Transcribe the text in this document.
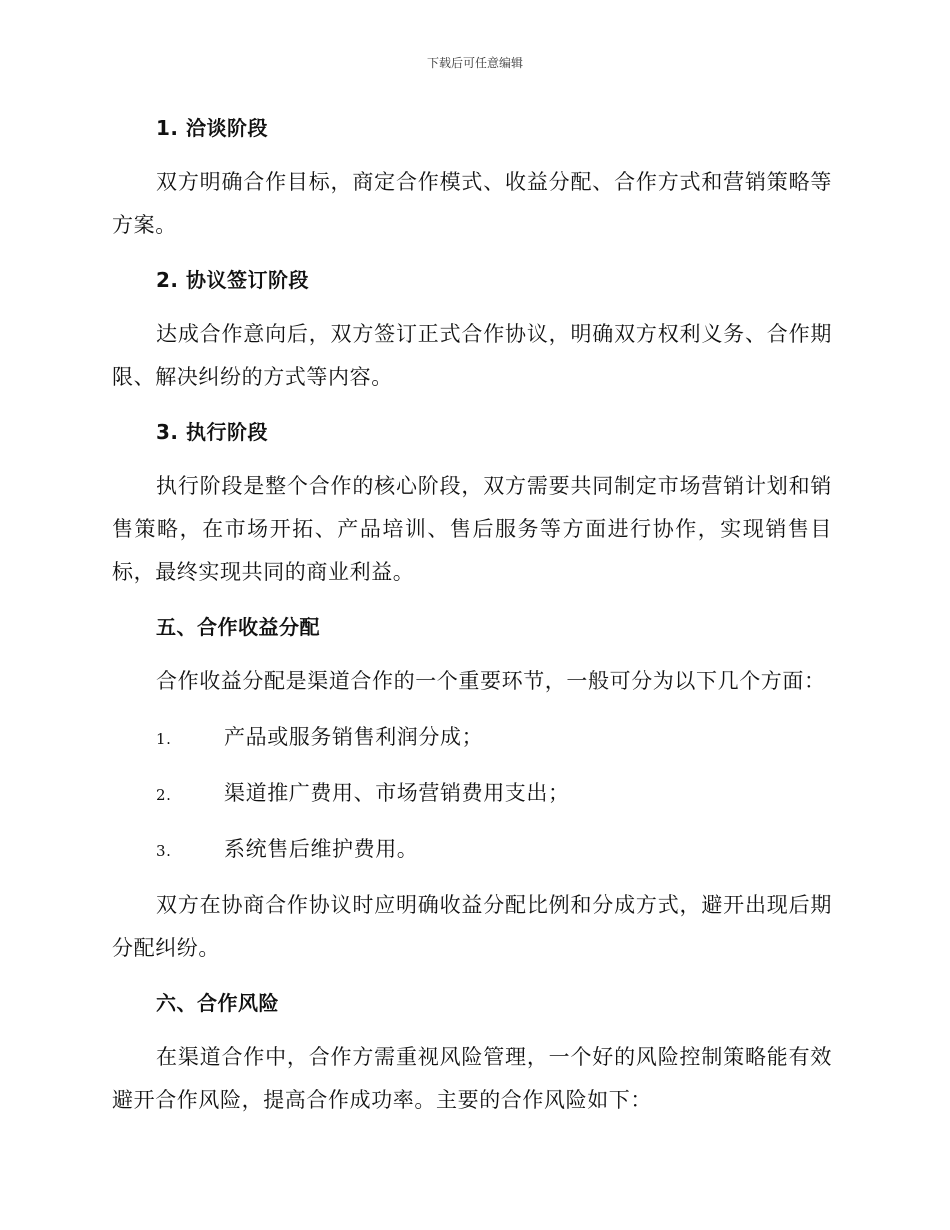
下载后可任意编辑
1. 洽谈阶段

双方明确合作目标，商定合作模式、收益分配、合作方式和营销策略等方案。

2. 协议签订阶段

达成合作意向后，双方签订正式合作协议，明确双方权利义务、合作期限、解决纠纷的方式等内容。

3. 执行阶段

执行阶段是整个合作的核心阶段，双方需要共同制定市场营销计划和销售策略，在市场开拓、产品培训、售后服务等方面进行协作，实现销售目标，最终实现共同的商业利益。

五、合作收益分配

合作收益分配是渠道合作的一个重要环节，一般可分为以下几个方面：

1.	产品或服务销售利润分成；
2.	渠道推广费用、市场营销费用支出；
3.	系统售后维护费用。

双方在协商合作协议时应明确收益分配比例和分成方式，避开出现后期分配纠纷。

六、合作风险

在渠道合作中，合作方需重视风险管理，一个好的风险控制策略能有效避开合作风险，提高合作成功率。主要的合作风险如下：
